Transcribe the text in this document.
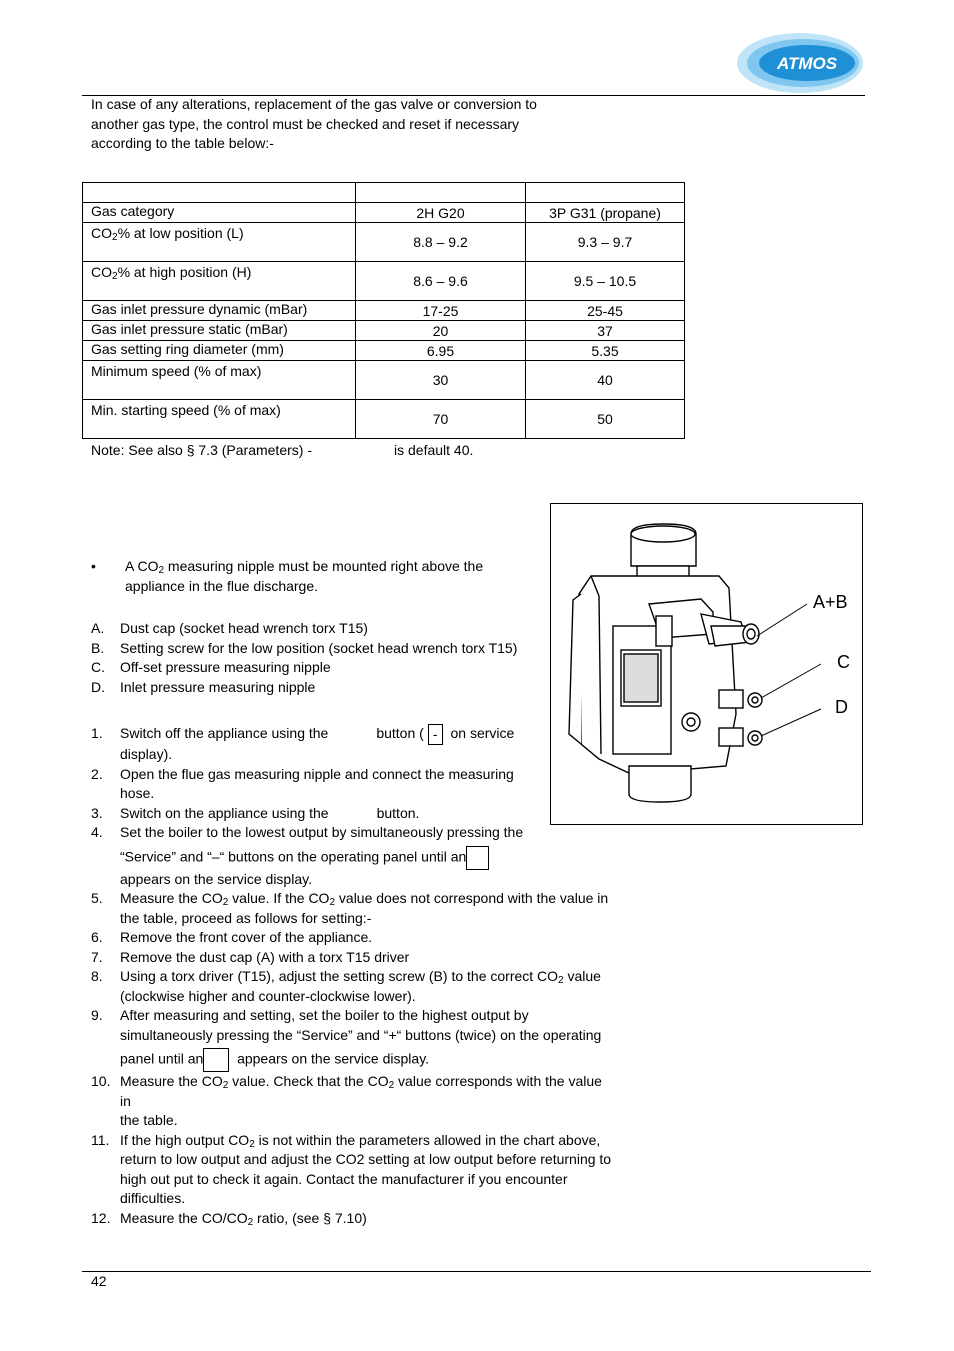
ATMOS
In case of any alterations, replacement of the gas valve or conversion to
another gas type, the control must be checked and reset if necessary
according to the table below:-

Gas category	2H G20	3P G31 (propane)
$CO_2\%$ at low position (L)	8.8 – 9.2	9.3 – 9.7
$CO_2\%$ at high position (H)	8.6 – 9.6	9.5 – 10.5
Gas inlet pressure dynamic (mBar)	17-25	25-45
Gas inlet pressure static (mBar)	20	37
Gas setting ring diameter (mm)	6.95	5.35
Minimum speed (% of max)	30	40
Min. starting speed (% of max)	70	50
Note: See also § 7.3 (Parameters) -	is default 40.
•	A $CO_2$ measuring nipple must be mounted right above the
appliance in the flue discharge.
A.	Dust cap (socket head wrench torx T15)
B.	Setting screw for the low position (socket head wrench torx T15)
C.	Off-set pressure measuring nipple
D.	Inlet pressure measuring nipple
1.	Switch off the appliance using the	button ( - on service
display).
2.	Open the flue gas measuring nipple and connect the measuring
hose.
3.	Switch on the appliance using the	button.
4.	Set the boiler to the lowest output by simultaneously pressing the
“Service” and “–“ buttons on the operating panel until an
appears on the service display.
5.	Measure the $CO_2$ value. If the $CO_2$ value does not correspond with the value in
the table, proceed as follows for setting:-
6.	Remove the front cover of the appliance.
7.	Remove the dust cap (A) with a torx T15 driver
8.	Using a torx driver (T15), adjust the setting screw (B) to the correct $CO_2$ value
(clockwise higher and counter-clockwise lower).
9.	After measuring and setting, set the boiler to the highest output by
simultaneously pressing the “Service” and “+“ buttons (twice) on the operating
panel until an appears on the service display.
10. Measure the $CO_2$ value. Check that the $CO_2$ value corresponds with the value in
the table.
11. If the high output $CO_2$ is not within the parameters allowed in the chart above,
return to low output and adjust the CO2 setting at low output before returning to
high out put to check it again. Contact the manufacturer if you encounter
difficulties.
12. Measure the $CO/CO_2$ ratio, (see § 7.10)
A+B
C
D
42
